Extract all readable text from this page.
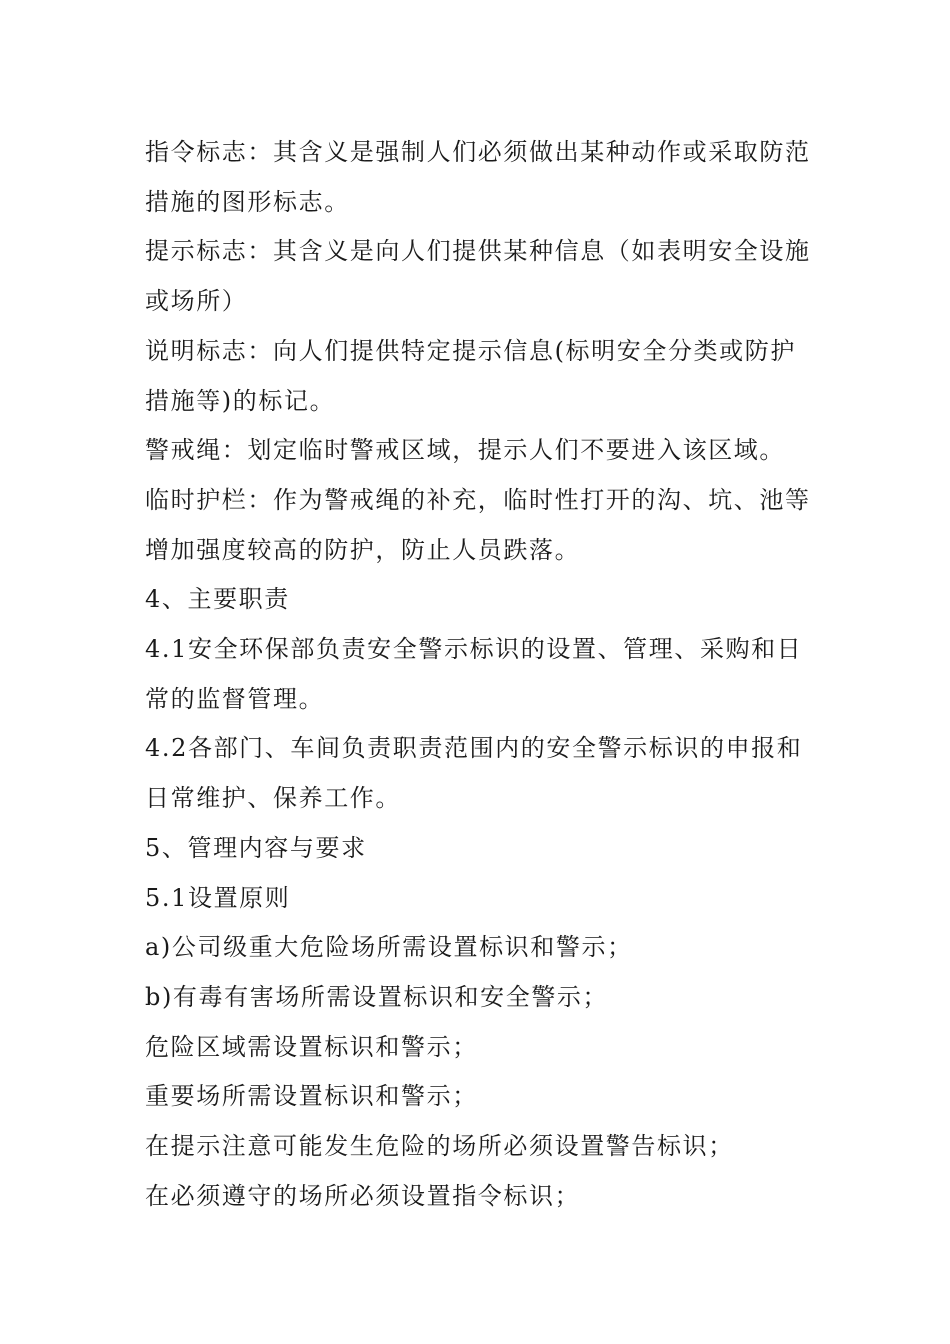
指令标志：其含义是强制人们必须做出某种动作或采取防范措施的图形标志。

提示标志：其含义是向人们提供某种信息（如表明安全设施或场所）

说明标志：向人们提供特定提示信息(标明安全分类或防护措施等)的标记。

警戒绳：划定临时警戒区域，提示人们不要进入该区域。

临时护栏：作为警戒绳的补充，临时性打开的沟、坑、池等增加强度较高的防护，防止人员跌落。

4、主要职责

4.1安全环保部负责安全警示标识的设置、管理、采购和日常的监督管理。

4.2各部门、车间负责职责范围内的安全警示标识的申报和日常维护、保养工作。

5、管理内容与要求

5.1设置原则

a)公司级重大危险场所需设置标识和警示；

b)有毒有害场所需设置标识和安全警示；

危险区域需设置标识和警示；

重要场所需设置标识和警示；

在提示注意可能发生危险的场所必须设置警告标识；

在必须遵守的场所必须设置指令标识；
